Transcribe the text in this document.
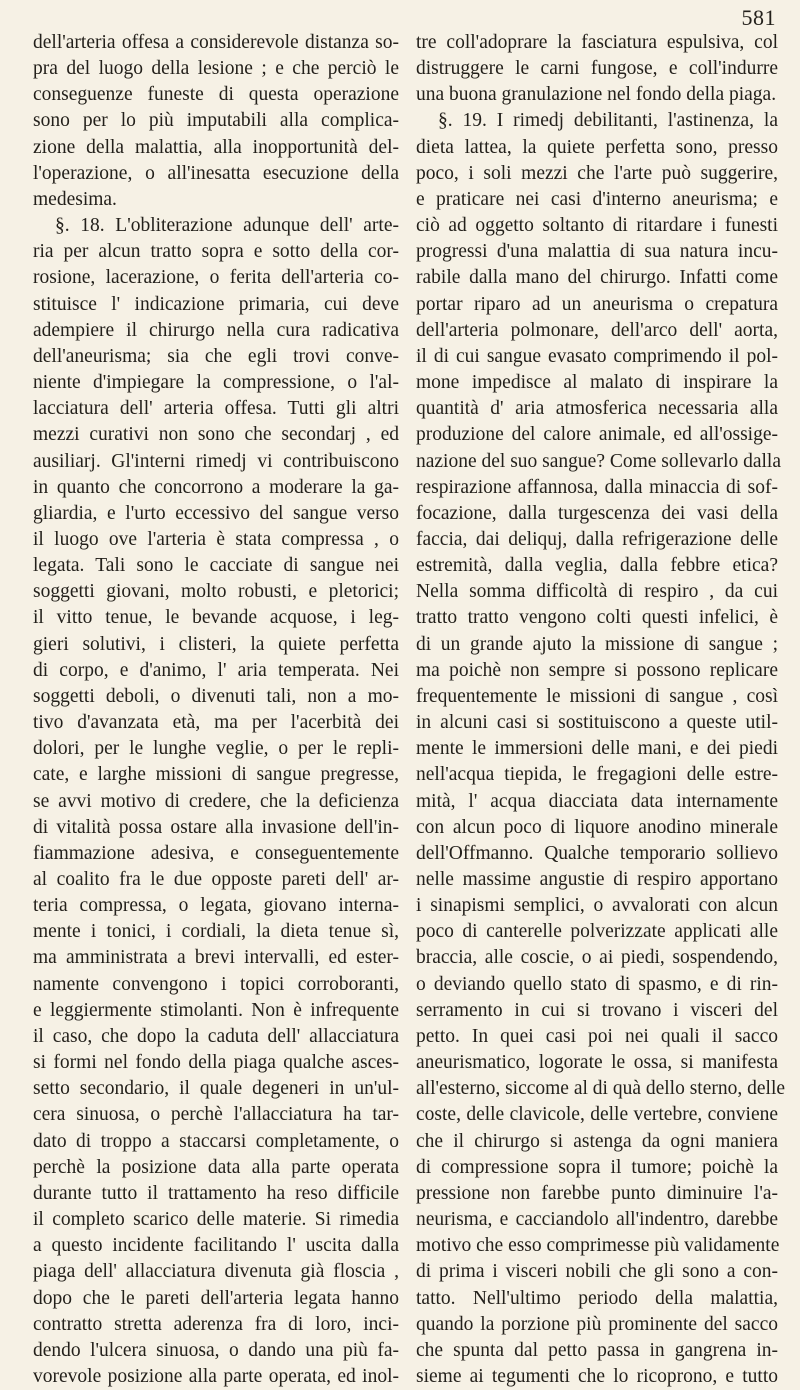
581
dell'arteria offesa a considerevole distanza so-
pra del luogo della lesione ; e che perciò le
conseguenze funeste di questa operazione
sono per lo più imputabili alla complica-
zione della malattia, alla inopportunità del-
l'operazione, o all'inesatta esecuzione della
medesima.
§. 18. L'obliterazione adunque dell' arte-
ria per alcun tratto sopra e sotto della cor-
rosione, lacerazione, o ferita dell'arteria co-
stituisce l' indicazione primaria, cui deve
adempiere il chirurgo nella cura radicativa
dell'aneurisma; sia che egli trovi conve-
niente d'impiegare la compressione, o l'al-
lacciatura dell' arteria offesa. Tutti gli altri
mezzi curativi non sono che secondarj , ed
ausiliarj. Gl'interni rimedj vi contribuiscono
in quanto che concorrono a moderare la ga-
gliardia, e l'urto eccessivo del sangue verso
il luogo ove l'arteria è stata compressa , o
legata. Tali sono le cacciate di sangue nei
soggetti giovani, molto robusti, e pletorici;
il vitto tenue, le bevande acquose, i leg-
gieri solutivi, i clisteri, la quiete perfetta
di corpo, e d'animo, l' aria temperata. Nei
soggetti deboli, o divenuti tali, non a mo-
tivo d'avanzata età, ma per l'acerbità dei
dolori, per le lunghe veglie, o per le repli-
cate, e larghe missioni di sangue pregresse,
se avvi motivo di credere, che la deficienza
di vitalità possa ostare alla invasione dell'in-
fiammazione adesiva, e conseguentemente
al coalito fra le due opposte pareti dell' ar-
teria compressa, o legata, giovano interna-
mente i tonici, i cordiali, la dieta tenue sì,
ma amministrata a brevi intervalli, ed ester-
namente convengono i topici corroboranti,
e leggiermente stimolanti. Non è infrequente
il caso, che dopo la caduta dell' allacciatura
si formi nel fondo della piaga qualche asces-
setto secondario, il quale degeneri in un'ul-
cera sinuosa, o perchè l'allacciatura ha tar-
dato di troppo a staccarsi completamente, o
perchè la posizione data alla parte operata
durante tutto il trattamento ha reso difficile
il completo scarico delle materie. Si rimedia
a questo incidente facilitando l' uscita dalla
piaga dell' allacciatura divenuta già floscia ,
dopo che le pareti dell'arteria legata hanno
contratto stretta aderenza fra di loro, inci-
dendo l'ulcera sinuosa, o dando una più fa-
vorevole posizione alla parte operata, ed inol-
tre coll'adoprare la fasciatura espulsiva, col
distruggere le carni fungose, e coll'indurre
una buona granulazione nel fondo della piaga.
§. 19. I rimedj debilitanti, l'astinenza, la
dieta lattea, la quiete perfetta sono, presso
poco, i soli mezzi che l'arte può suggerire,
e praticare nei casi d'interno aneurisma; e
ciò ad oggetto soltanto di ritardare i funesti
progressi d'una malattia di sua natura incu-
rabile dalla mano del chirurgo. Infatti come
portar riparo ad un aneurisma o crepatura
dell'arteria polmonare, dell'arco dell' aorta,
il di cui sangue evasato comprimendo il pol-
mone impedisce al malato di inspirare la
quantità d' aria atmosferica necessaria alla
produzione del calore animale, ed all'ossige-
nazione del suo sangue? Come sollevarlo dalla
respirazione affannosa, dalla minaccia di sof-
focazione, dalla turgescenza dei vasi della
faccia, dai deliquj, dalla refrigerazione delle
estremità, dalla veglia, dalla febbre etica?
Nella somma difficoltà di respiro , da cui
tratto tratto vengono colti questi infelici, è
di un grande ajuto la missione di sangue ;
ma poichè non sempre si possono replicare
frequentemente le missioni di sangue , così
in alcuni casi si sostituiscono a queste util-
mente le immersioni delle mani, e dei piedi
nell'acqua tiepida, le fregagioni delle estre-
mità, l' acqua diacciata data internamente
con alcun poco di liquore anodino minerale
dell'Offmanno. Qualche temporario sollievo
nelle massime angustie di respiro apportano
i sinapismi semplici, o avvalorati con alcun
poco di canterelle polverizzate applicati alle
braccia, alle coscie, o ai piedi, sospendendo,
o deviando quello stato di spasmo, e di rin-
serramento in cui si trovano i visceri del
petto. In quei casi poi nei quali il sacco
aneurismatico, logorate le ossa, si manifesta
all'esterno, siccome al di quà dello sterno, delle
coste, delle clavicole, delle vertebre, conviene
che il chirurgo si astenga da ogni maniera
di compressione sopra il tumore; poichè la
pressione non farebbe punto diminuire l'a-
neurisma, e cacciandolo all'indentro, darebbe
motivo che esso comprimesse più validamente
di prima i visceri nobili che gli sono a con-
tatto. Nell'ultimo periodo della malattia,
quando la porzione più prominente del sacco
che spunta dal petto passa in gangrena in-
sieme ai tegumenti che lo ricoprono, e tutto
